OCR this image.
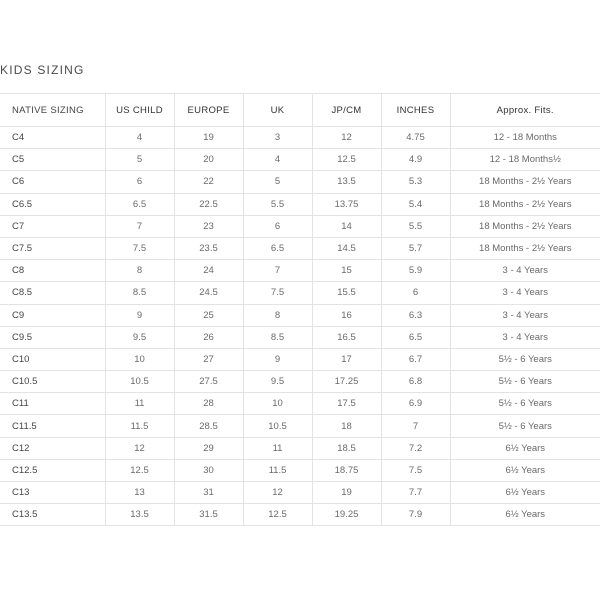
KIDS SIZING
NATIVE SIZING	US CHILD	EUROPE	UK	JP/CM	INCHES	Approx. Fits.
C4	4	19	3	12	4.75	12 - 18 Months
C5	5	20	4	12.5	4.9	12 - 18 Months½
C6	6	22	5	13.5	5.3	18 Months - 2½ Years
C6.5	6.5	22.5	5.5	13.75	5.4	18 Months - 2½ Years
C7	7	23	6	14	5.5	18 Months - 2½ Years
C7.5	7.5	23.5	6.5	14.5	5.7	18 Months - 2½ Years
C8	8	24	7	15	5.9	3 - 4 Years
C8.5	8.5	24.5	7.5	15.5	6	3 - 4 Years
C9	9	25	8	16	6.3	3 - 4 Years
C9.5	9.5	26	8.5	16.5	6.5	3 - 4 Years
C10	10	27	9	17	6.7	5½ - 6 Years
C10.5	10.5	27.5	9.5	17.25	6.8	5½ - 6 Years
C11	11	28	10	17.5	6.9	5½ - 6 Years
C11.5	11.5	28.5	10.5	18	7	5½ - 6 Years
C12	12	29	11	18.5	7.2	6½ Years
C12.5	12.5	30	11.5	18.75	7.5	6½ Years
C13	13	31	12	19	7.7	6½ Years
C13.5	13.5	31.5	12.5	19.25	7.9	6½ Years
